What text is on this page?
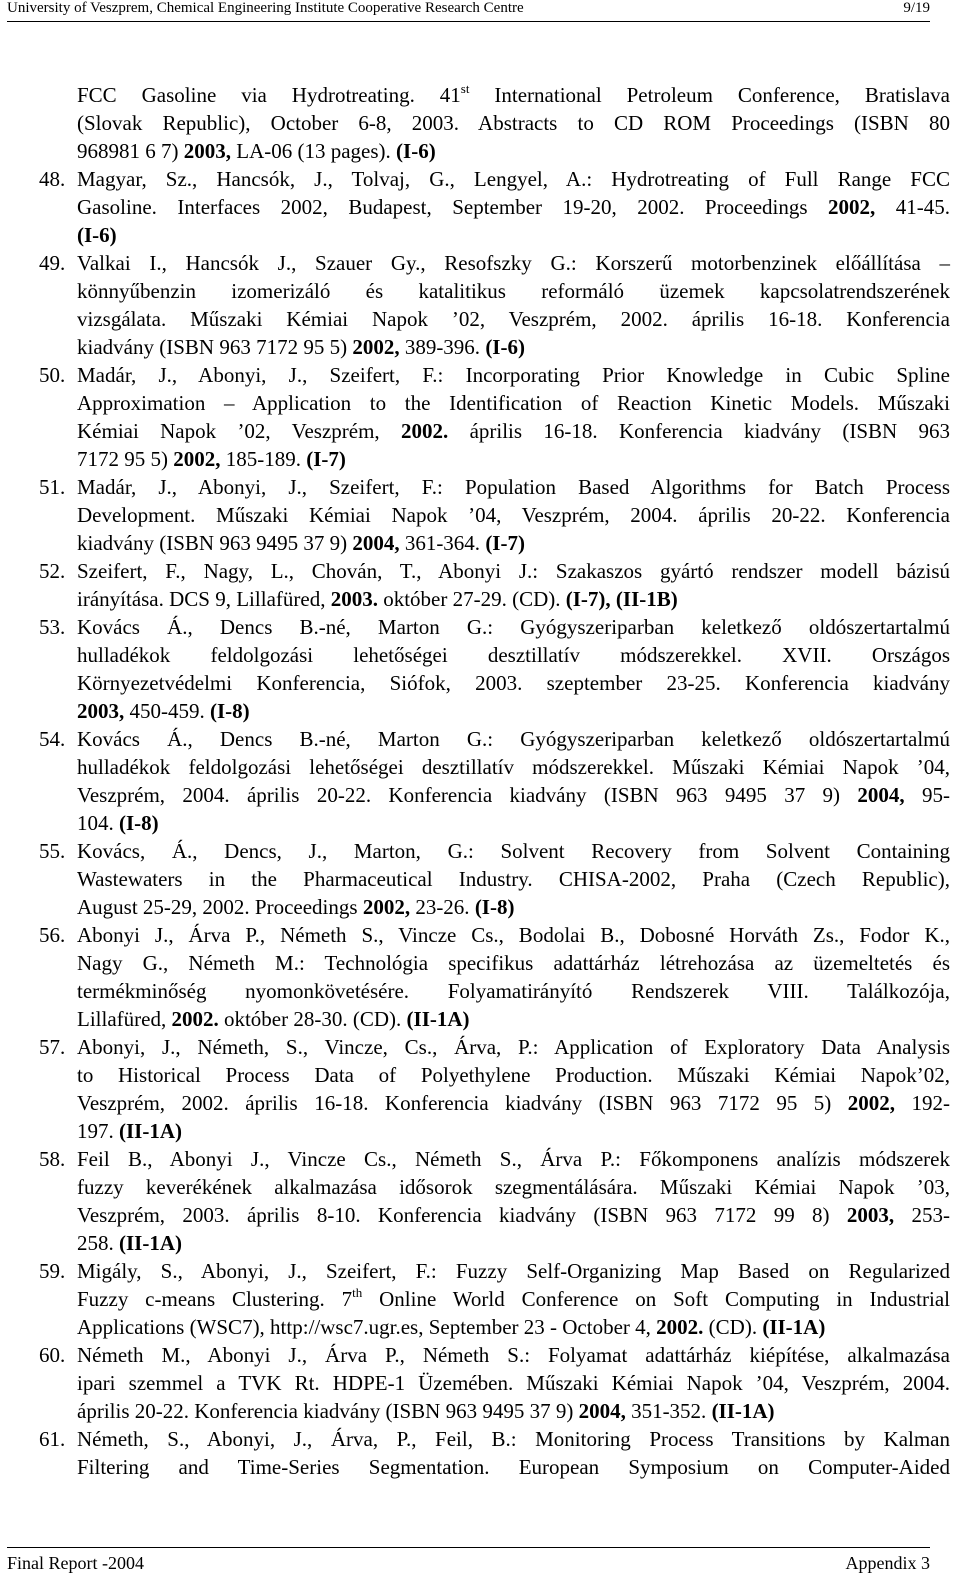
University of Veszprem, Chemical Engineering Institute Cooperative Research Centre	9/19
FCC Gasoline via Hydrotreating. 41st International Petroleum Conference, Bratislava
(Slovak Republic), October 6-8, 2003. Abstracts to CD ROM Proceedings (ISBN 80
968981 6 7) 2003, LA-06 (13 pages). (I-6)
48. Magyar, Sz., Hancsók, J., Tolvaj, G., Lengyel, A.: Hydrotreating of Full Range FCC
Gasoline. Interfaces 2002, Budapest, September 19-20, 2002. Proceedings 2002, 41-45.
(I-6)
49. Valkai I., Hancsók J., Szauer Gy., Resofszky G.: Korszerű motorbenzinek előállítása –
könnyűbenzin izomerizáló és katalitikus reformáló üzemek kapcsolatrendszerének
vizsgálata. Műszaki Kémiai Napok ’02, Veszprém, 2002. április 16-18. Konferencia
kiadvány (ISBN 963 7172 95 5) 2002, 389-396. (I-6)
50. Madár, J., Abonyi, J., Szeifert, F.: Incorporating Prior Knowledge in Cubic Spline
Approximation – Application to the Identification of Reaction Kinetic Models. Műszaki
Kémiai Napok ’02, Veszprém, 2002. április 16-18. Konferencia kiadvány (ISBN 963
7172 95 5) 2002, 185-189. (I-7)
51. Madár, J., Abonyi, J., Szeifert, F.: Population Based Algorithms for Batch Process
Development. Műszaki Kémiai Napok ’04, Veszprém, 2004. április 20-22. Konferencia
kiadvány (ISBN 963 9495 37 9) 2004, 361-364. (I-7)
52. Szeifert, F., Nagy, L., Chován, T., Abonyi J.: Szakaszos gyártó rendszer modell bázisú
irányítása. DCS 9, Lillafüred, 2003. október 27-29. (CD). (I-7), (II-1B)
53. Kovács Á., Dencs B.-né, Marton G.: Gyógyszeriparban keletkező oldószertartalmú
hulladékok feldolgozási lehetőségei desztillatív módszerekkel. XVII. Országos
Környezetvédelmi Konferencia, Siófok, 2003. szeptember 23-25. Konferencia kiadvány
2003, 450-459. (I-8)
54. Kovács Á., Dencs B.-né, Marton G.: Gyógyszeriparban keletkező oldószertartalmú
hulladékok feldolgozási lehetőségei desztillatív módszerekkel. Műszaki Kémiai Napok ’04,
Veszprém, 2004. április 20-22. Konferencia kiadvány (ISBN 963 9495 37 9) 2004, 95-
104. (I-8)
55. Kovács, Á., Dencs, J., Marton, G.: Solvent Recovery from Solvent Containing
Wastewaters in the Pharmaceutical Industry. CHISA-2002, Praha (Czech Republic),
August 25-29, 2002. Proceedings 2002, 23-26. (I-8)
56. Abonyi J., Árva P., Németh S., Vincze Cs., Bodolai B., Dobosné Horváth Zs., Fodor K.,
Nagy G., Németh M.: Technológia specifikus adattárház létrehozása az üzemeltetés és
termékminőség nyomonkövetésére. Folyamatirányító Rendszerek VIII. Találkozója,
Lillafüred, 2002. október 28-30. (CD). (II-1A)
57. Abonyi, J., Németh, S., Vincze, Cs., Árva, P.: Application of Exploratory Data Analysis
to Historical Process Data of Polyethylene Production. Műszaki Kémiai Napok’02,
Veszprém, 2002. április 16-18. Konferencia kiadvány (ISBN 963 7172 95 5) 2002, 192-
197. (II-1A)
58. Feil B., Abonyi J., Vincze Cs., Németh S., Árva P.: Főkomponens analízis módszerek
fuzzy keverékének alkalmazása idősorok szegmentálására. Műszaki Kémiai Napok ’03,
Veszprém, 2003. április 8-10. Konferencia kiadvány (ISBN 963 7172 99 8) 2003, 253-
258. (II-1A)
59. Migály, S., Abonyi, J., Szeifert, F.: Fuzzy Self-Organizing Map Based on Regularized
Fuzzy c-means Clustering. 7th Online World Conference on Soft Computing in Industrial
Applications (WSC7), http://wsc7.ugr.es, September 23 - October 4, 2002. (CD). (II-1A)
60. Németh M., Abonyi J., Árva P., Németh S.: Folyamat adattárház kiépítése, alkalmazása
ipari szemmel a TVK Rt. HDPE-1 Üzemében. Műszaki Kémiai Napok ’04, Veszprém, 2004.
április 20-22. Konferencia kiadvány (ISBN 963 9495 37 9) 2004, 351-352. (II-1A)
61. Németh, S., Abonyi, J., Árva, P., Feil, B.: Monitoring Process Transitions by Kalman
Filtering and Time-Series Segmentation. European Symposium on Computer-Aided
Final Report -2004	Appendix 3
